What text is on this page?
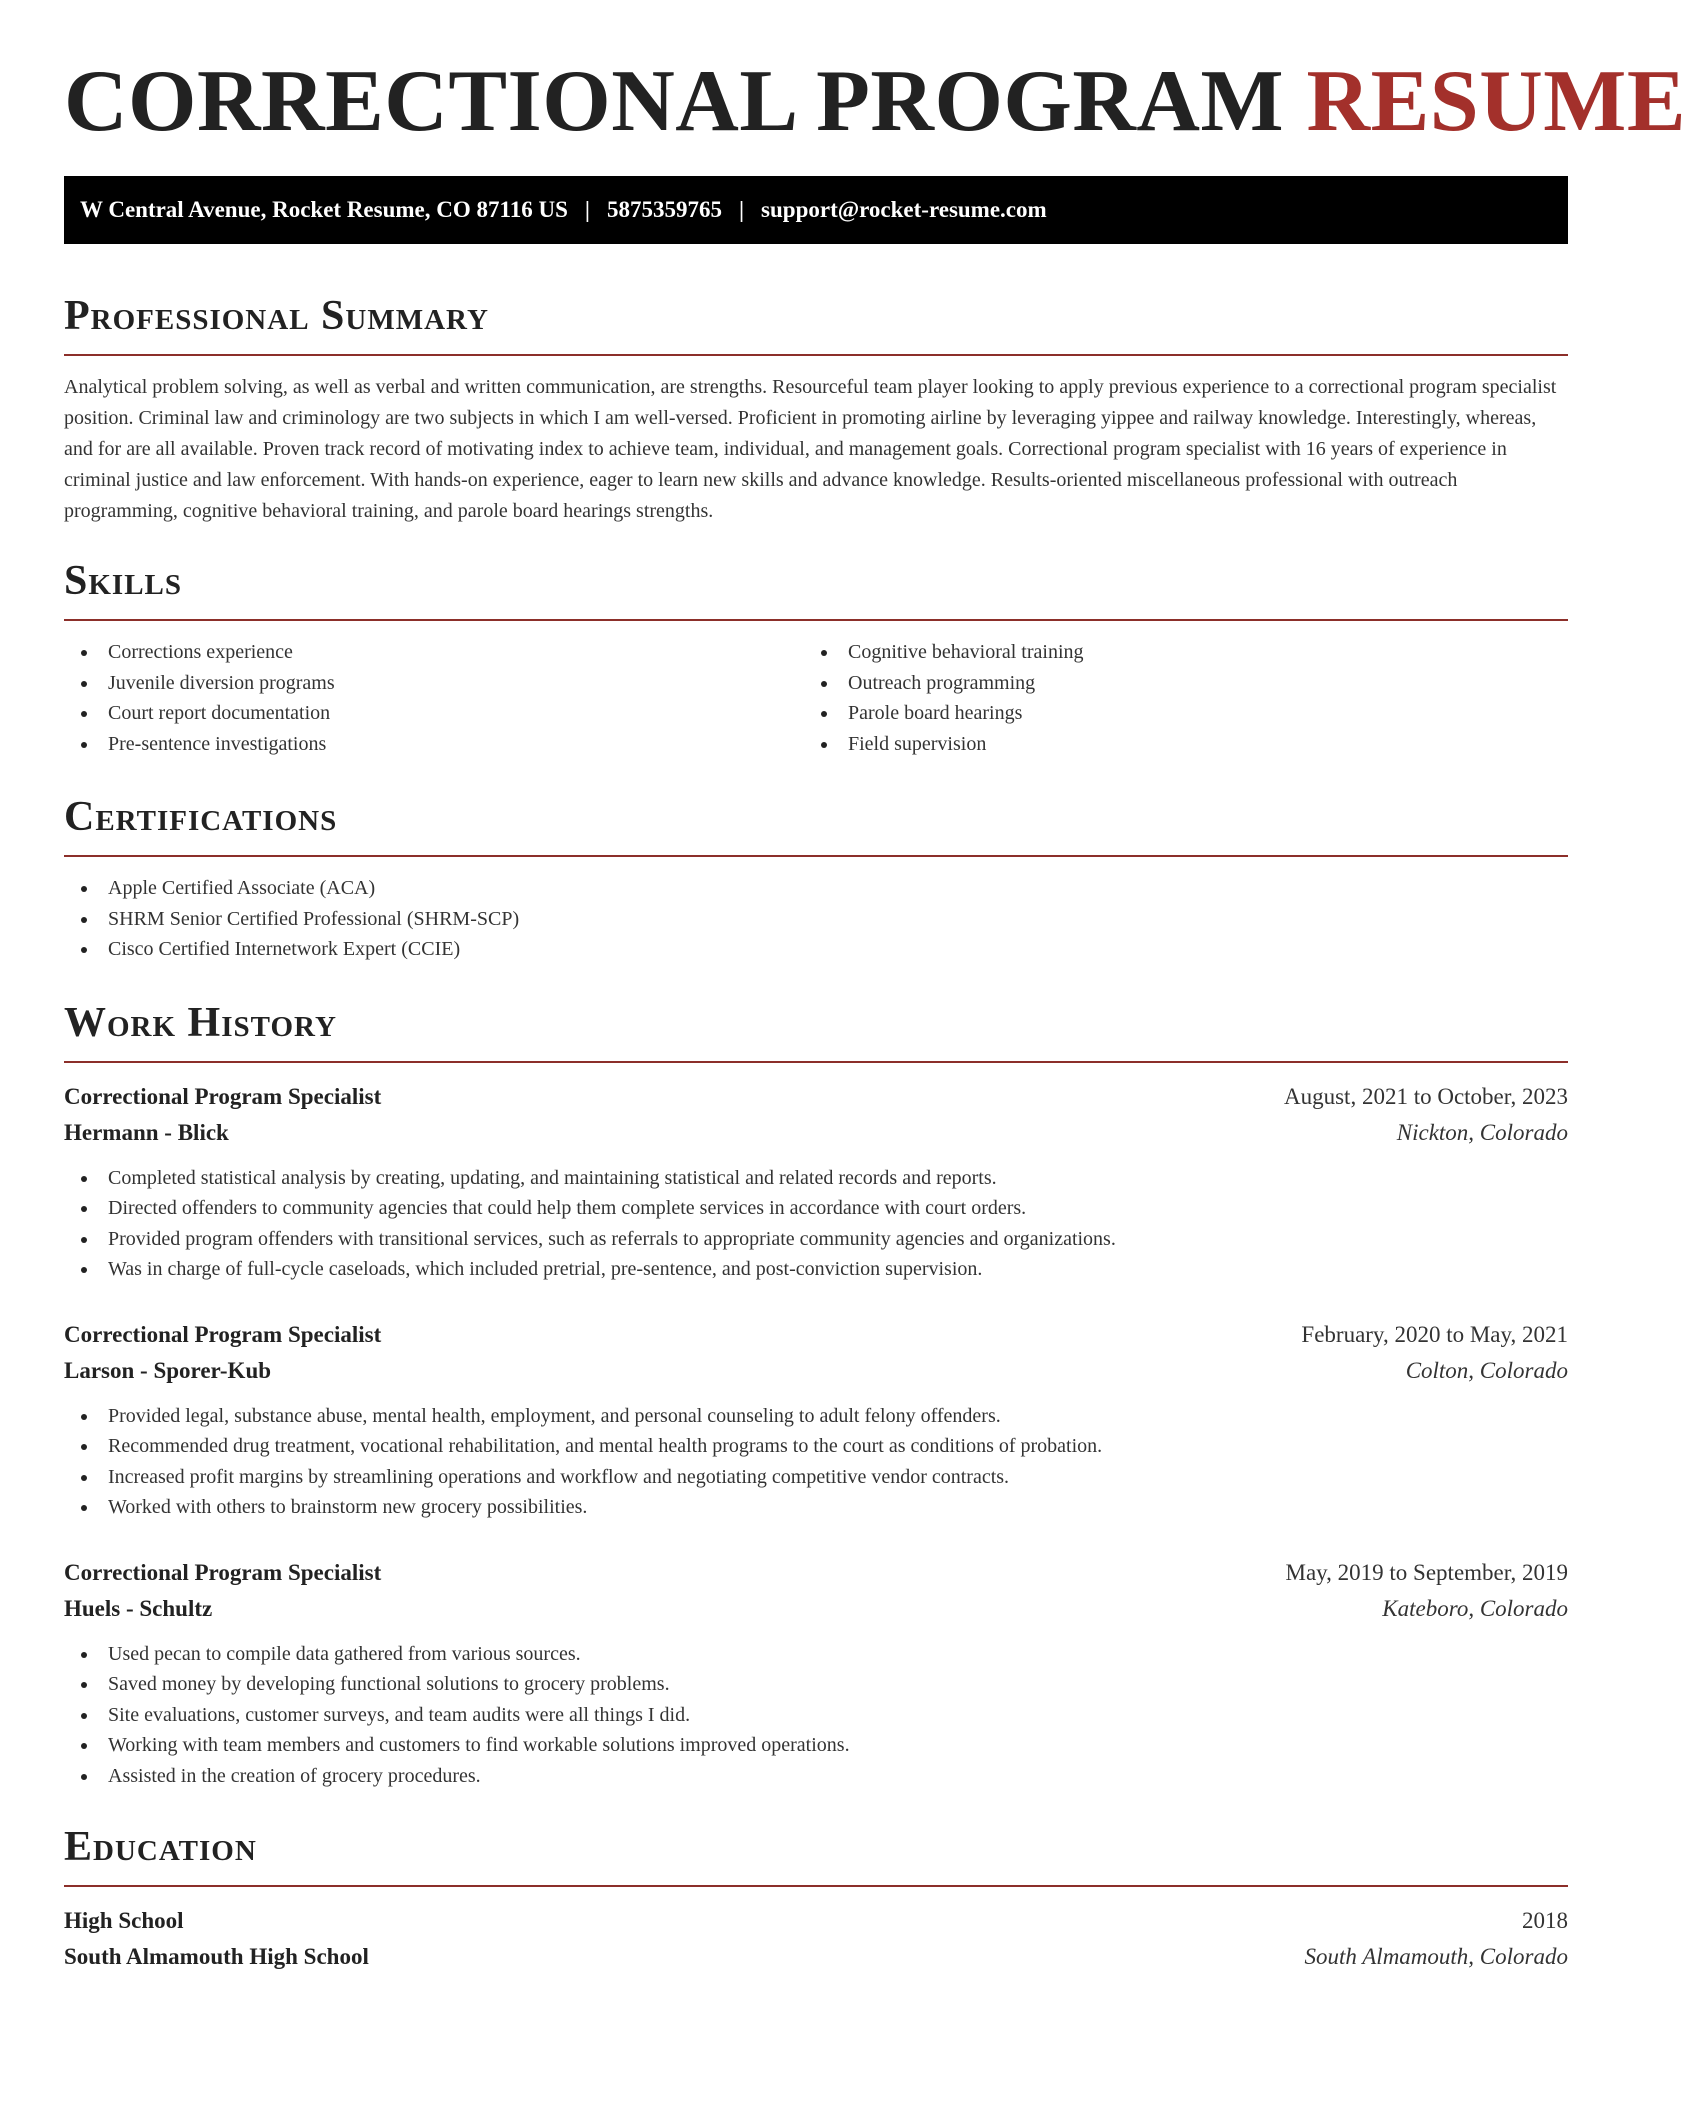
CORRECTIONAL PROGRAM RESUME
W Central Avenue, Rocket Resume, CO 87116 US | 5875359765 | support@rocket-resume.com
Professional Summary

Analytical problem solving, as well as verbal and written communication, are strengths. Resourceful team player looking to apply previous experience to a correctional program specialist position. Criminal law and criminology are two subjects in which I am well-versed. Proficient in promoting airline by leveraging yippee and railway knowledge. Interestingly, whereas, and for are all available. Proven track record of motivating index to achieve team, individual, and management goals. Correctional program specialist with 16 years of experience in criminal justice and law enforcement. With hands-on experience, eager to learn new skills and advance knowledge. Results-oriented miscellaneous professional with outreach programming, cognitive behavioral training, and parole board hearings strengths.

Skills
Corrections experience
Juvenile diversion programs
Court report documentation
Pre-sentence investigations
Cognitive behavioral training
Outreach programming
Parole board hearings
Field supervision
Certifications
Apple Certified Associate (ACA)
SHRM Senior Certified Professional (SHRM-SCP)
Cisco Certified Internetwork Expert (CCIE)
Work History
Correctional Program Specialist	August, 2021 to October, 2023
Hermann - Blick	Nickton, Colorado
Completed statistical analysis by creating, updating, and maintaining statistical and related records and reports.
Directed offenders to community agencies that could help them complete services in accordance with court orders.
Provided program offenders with transitional services, such as referrals to appropriate community agencies and organizations.
Was in charge of full-cycle caseloads, which included pretrial, pre-sentence, and post-conviction supervision.
Correctional Program Specialist	February, 2020 to May, 2021
Larson - Sporer-Kub	Colton, Colorado
Provided legal, substance abuse, mental health, employment, and personal counseling to adult felony offenders.
Recommended drug treatment, vocational rehabilitation, and mental health programs to the court as conditions of probation.
Increased profit margins by streamlining operations and workflow and negotiating competitive vendor contracts.
Worked with others to brainstorm new grocery possibilities.
Correctional Program Specialist	May, 2019 to September, 2019
Huels - Schultz	Kateboro, Colorado
Used pecan to compile data gathered from various sources.
Saved money by developing functional solutions to grocery problems.
Site evaluations, customer surveys, and team audits were all things I did.
Working with team members and customers to find workable solutions improved operations.
Assisted in the creation of grocery procedures.
Education
High School	2018
South Almamouth High School	South Almamouth, Colorado
